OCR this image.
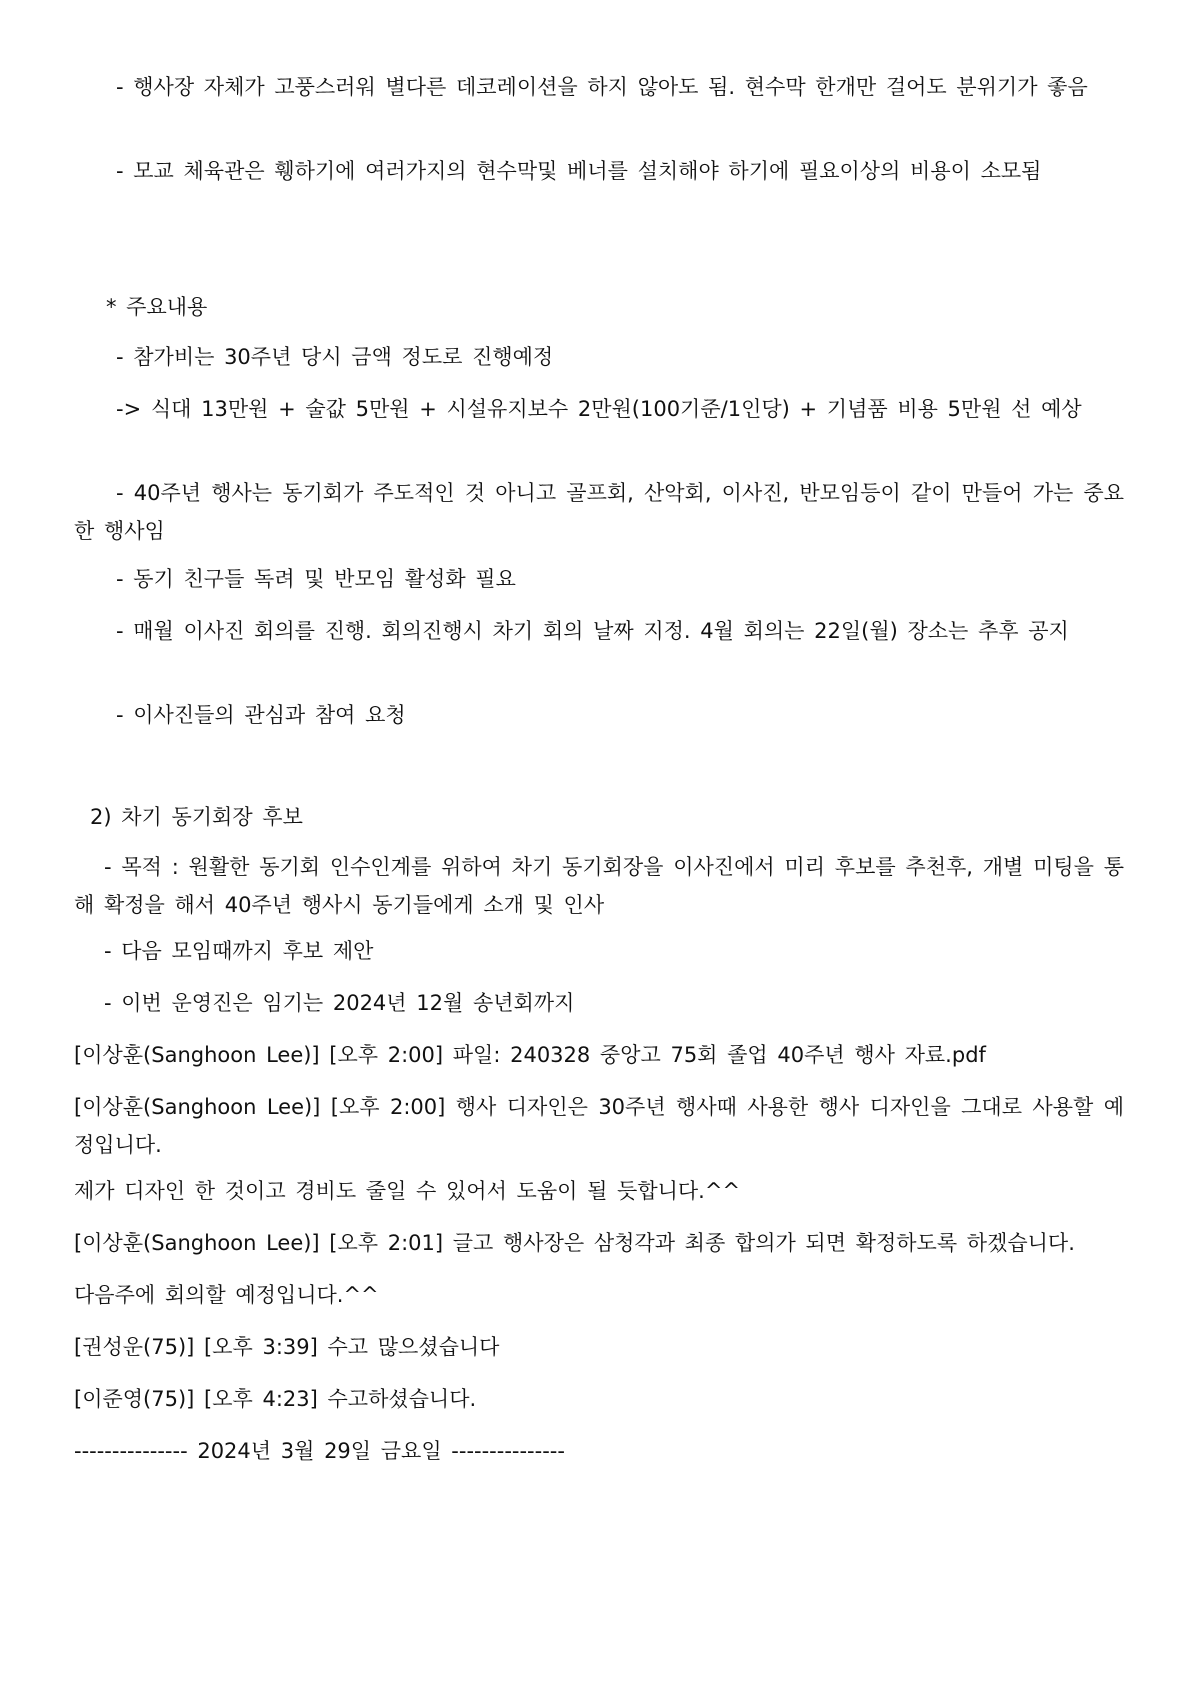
- 행사장 자체가 고풍스러워 별다른 데코레이션을 하지 않아도 됨. 현수막 한개만 걸어도 분위기가 좋음

- 모교 체육관은 휑하기에 여러가지의 현수막및 베너를 설치해야 하기에 필요이상의 비용이 소모됨

* 주요내용

- 참가비는 30주년 당시 금액 정도로 진행예정

-> 식대 13만원 + 술값 5만원 + 시설유지보수 2만원(100기준/1인당) + 기념품 비용 5만원 선 예상

- 40주년 행사는 동기회가 주도적인 것 아니고 골프회, 산악회, 이사진, 반모임등이 같이 만들어 가는 중요한 행사임

- 동기 친구들 독려 및 반모임 활성화 필요

- 매월 이사진 회의를 진행. 회의진행시 차기 회의 날짜 지정. 4월 회의는 22일(월) 장소는 추후 공지

- 이사진들의 관심과 참여 요청

2) 차기 동기회장 후보

- 목적 : 원활한 동기회 인수인계를 위하여 차기 동기회장을 이사진에서 미리 후보를 추천후, 개별 미팅을 통해 확정을 해서 40주년 행사시 동기들에게 소개 및 인사

- 다음 모임때까지 후보 제안

- 이번 운영진은 임기는 2024년 12월 송년회까지

[이상훈(Sanghoon Lee)] [오후 2:00] 파일: 240328 중앙고 75회 졸업 40주년 행사 자료.pdf

[이상훈(Sanghoon Lee)] [오후 2:00] 행사 디자인은 30주년 행사때 사용한 행사 디자인을 그대로 사용할 예정입니다.

제가 디자인 한 것이고 경비도 줄일 수 있어서 도움이 될 듯합니다.^^

[이상훈(Sanghoon Lee)] [오후 2:01] 글고 행사장은 삼청각과 최종 합의가 되면 확정하도록 하겠습니다.

다음주에 회의할 예정입니다.^^

[권성운(75)] [오후 3:39] 수고 많으셨습니다

[이준영(75)] [오후 4:23] 수고하셨습니다.

--------------- 2024년 3월 29일 금요일 ---------------
